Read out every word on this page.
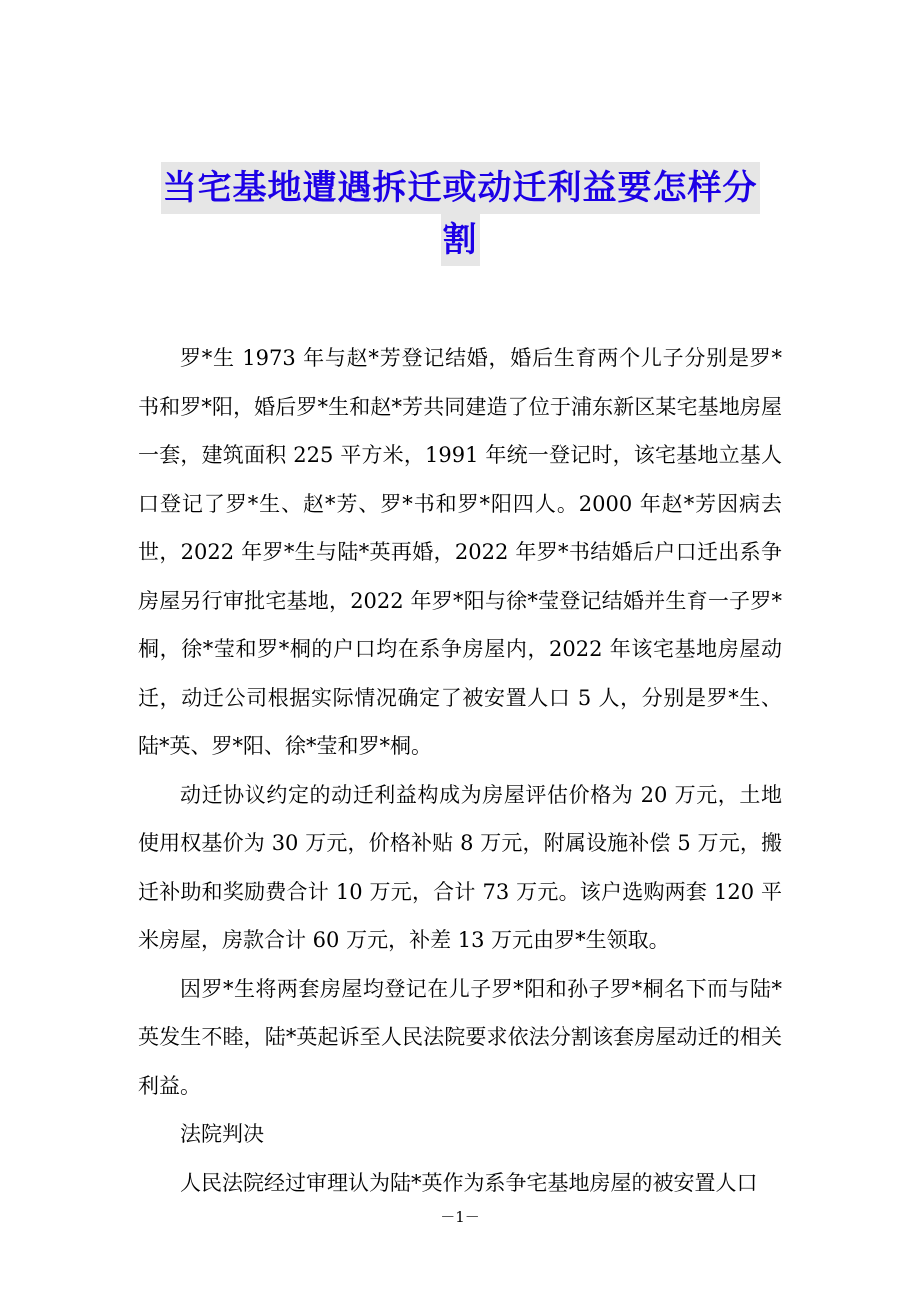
当宅基地遭遇拆迁或动迁利益要怎样分
割

罗*生 1973 年与赵*芳登记结婚，婚后生育两个儿子分别是罗*书和罗*阳，婚后罗*生和赵*芳共同建造了位于浦东新区某宅基地房屋一套，建筑面积 225 平方米，1991 年统一登记时，该宅基地立基人口登记了罗*生、赵*芳、罗*书和罗*阳四人。2000 年赵*芳因病去世，2022 年罗*生与陆*英再婚，2022 年罗*书结婚后户口迁出系争房屋另行审批宅基地，2022 年罗*阳与徐*莹登记结婚并生育一子罗*桐，徐*莹和罗*桐的户口均在系争房屋内，2022 年该宅基地房屋动迁，动迁公司根据实际情况确定了被安置人口 5 人，分别是罗*生、陆*英、罗*阳、徐*莹和罗*桐。

动迁协议约定的动迁利益构成为房屋评估价格为 20 万元，土地使用权基价为 30 万元，价格补贴 8 万元，附属设施补偿 5 万元，搬迁补助和奖励费合计 10 万元，合计 73 万元。该户选购两套 120 平米房屋，房款合计 60 万元，补差 13 万元由罗*生领取。

因罗*生将两套房屋均登记在儿子罗*阳和孙子罗*桐名下而与陆*英发生不睦，陆*英起诉至人民法院要求依法分割该套房屋动迁的相关利益。

法院判决

人民法院经过审理认为陆*英作为系争宅基地房屋的被安置人口

－1－
